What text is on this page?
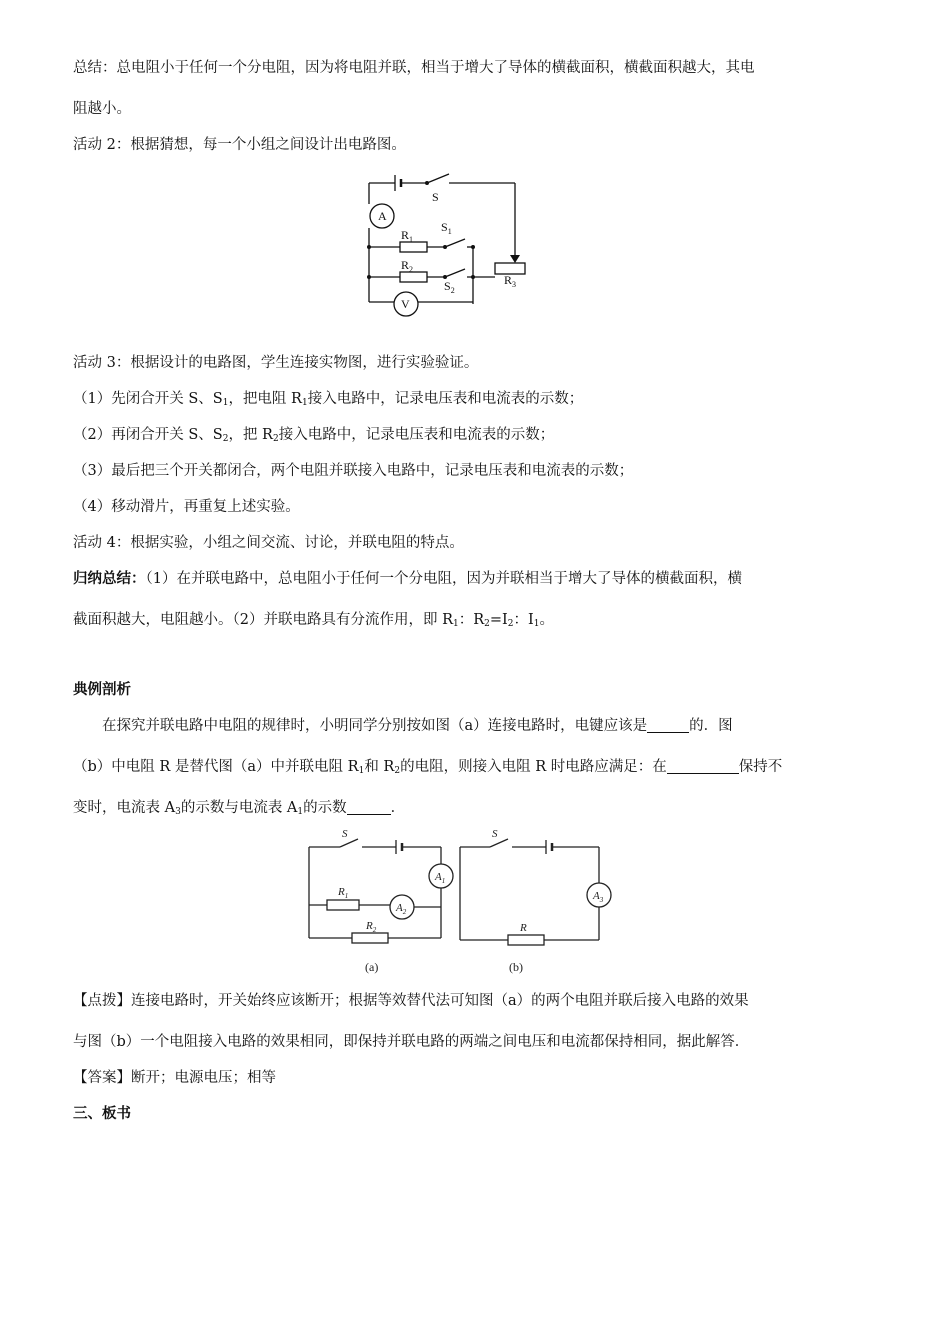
总结：总电阻小于任何一个分电阻，因为将电阻并联，相当于增大了导体的横截面积，横截面积越大，其电
阻越小。
活动 2：根据猜想，每一个小组之间设计出电路图。
S
A
V
$R_1$
$R_2$
$R_3$
$S_1$
$S_2$
活动 3：根据设计的电路图，学生连接实物图，进行实验验证。
（1）先闭合开关 S、$S_1$，把电阻 $R_1$接入电路中，记录电压表和电流表的示数；
（2）再闭合开关 S、$S_2$，把 $R_2$接入电路中，记录电压表和电流表的示数；
（3）最后把三个开关都闭合，两个电阻并联接入电路中，记录电压表和电流表的示数；
（4）移动滑片，再重复上述实验。
活动 4：根据实验，小组之间交流、讨论，并联电阻的特点。
归纳总结：（1）在并联电路中，总电阻小于任何一个分电阻，因为并联相当于增大了导体的横截面积，横
截面积越大，电阻越小。（2）并联电路具有分流作用，即 $R_1$：$R_2=I_2$：$I_1$。
典例剖析
在探究并联电路中电阻的规律时，小明同学分别按如图（a）连接电路时，电键应该是	的．图
（b）中电阻 R 是替代图（a）中并联电阻 $R_1$和 $R_2$的电阻，则接入电阻 R 时电路应满足：在	保持不
变时，电流表 $A_3$的示数与电流表 $A_1$的示数	．
S	S
$A_1$
$A_2$
$A_3$
$R_1$
$R_2$	R
(a)	(b)
【点拨】连接电路时，开关始终应该断开；根据等效替代法可知图（a）的两个电阻并联后接入电路的效果
与图（b）一个电阻接入电路的效果相同，即保持并联电路的两端之间电压和电流都保持相同，据此解答．
【答案】断开；电源电压；相等
三、板书
